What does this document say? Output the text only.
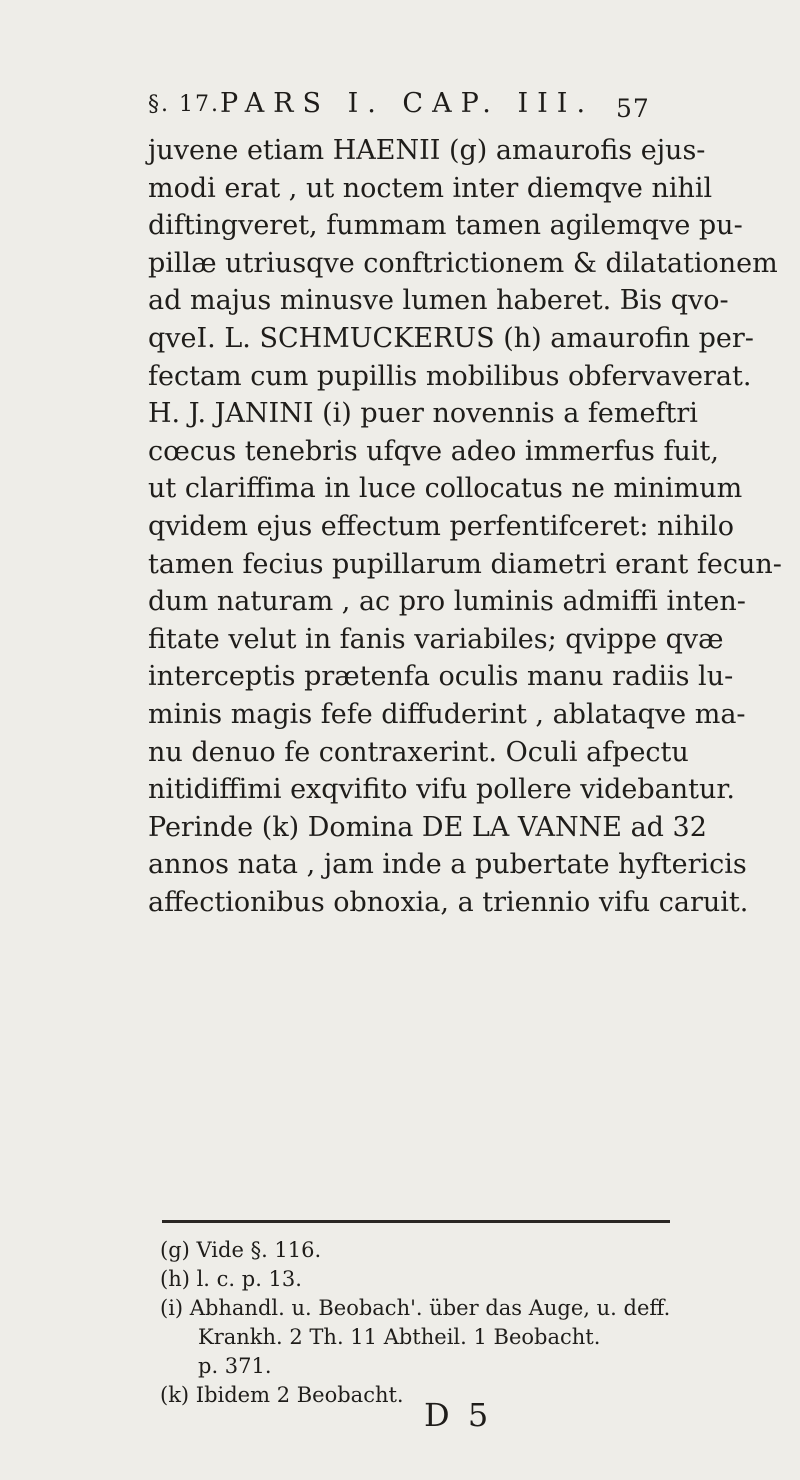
§. 17. PARS I. CAP. III. 57
juvene etiam HAENII (g) amaurofis ejus-
modi erat , ut noctem inter diemqve nihil
diftingveret, fummam tamen agilemqve pu-
pillæ utriusqve conftrictionem & dilatationem
ad majus minusve lumen haberet. Bis qvo-
qveI. L. SCHMUCKERUS (h) amaurofin per-
fectam cum pupillis mobilibus obfervaverat.
H. J. JANINI (i) puer novennis a femeftri
cœcus tenebris ufqve adeo immerfus fuit,
ut clariffima in luce collocatus ne minimum
qvidem ejus effectum perfentifceret: nihilo
tamen fecius pupillarum diametri erant fecun-
dum naturam , ac pro luminis admiffi inten-
fitate velut in fanis variabiles; qvippe qvæ
interceptis prætenfa oculis manu radiis lu-
minis magis fefe diffuderint , ablataqve ma-
nu denuo fe contraxerint. Oculi afpectu
nitidiffimi exqvifito vifu pollere videbantur.
Perinde (k) Domina DE LA VANNE ad 32
annos nata , jam inde a pubertate hyftericis
affectionibus obnoxia, a triennio vifu caruit.
(g) Vide §. 116.
(h) l. c. p. 13.
(i) Abhandl. u. Beobach'. über das Auge, u. deff.
Krankh. 2 Th. 11 Abtheil. 1 Beobacht.
p. 371.
(k) Ibidem 2 Beobacht.
D 5
